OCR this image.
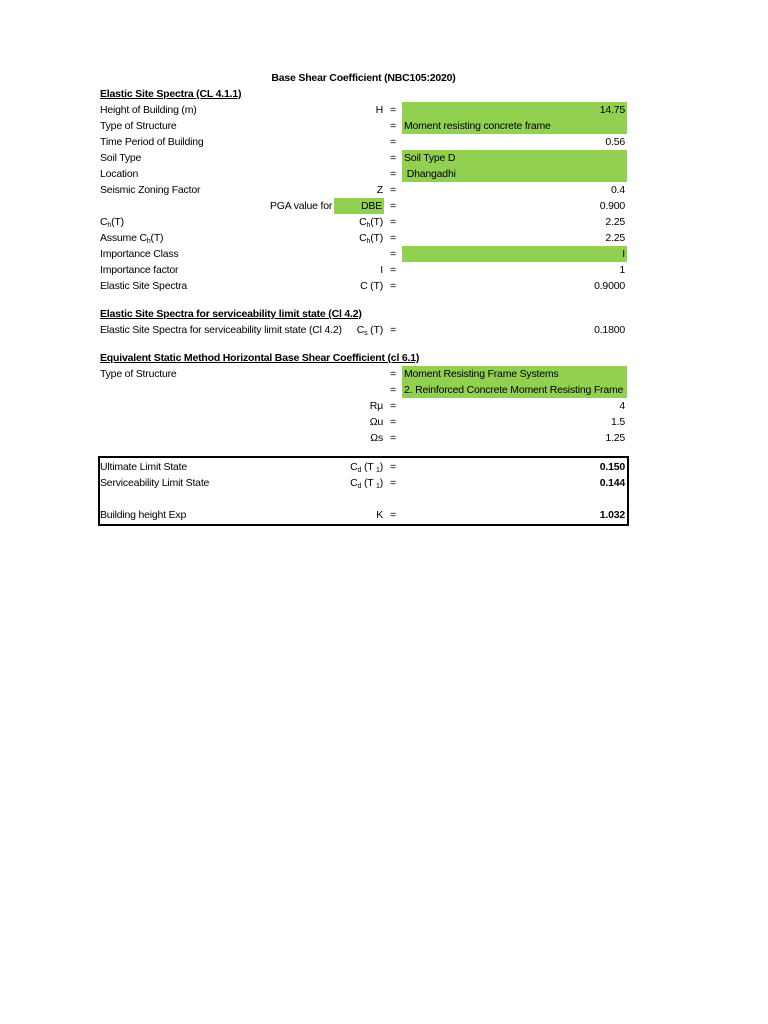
Base Shear Coefficient (NBC105:2020)
Elastic Site Spectra (CL 4.1.1)
Height of Building (m)	H =	14.75
Type of Structure	= Moment resisting concrete frame
Time Period of Building	=	0.56
Soil Type	= Soil Type D
Location	= Dhangadhi
Seismic Zoning Factor	Z =	0.4
PGA value for	DBE =	0.900
$C_h(T)$	$C_h(T)$ =	2.25
Assume $C_h(T)$	$C_h(T)$ =	2.25
Importance Class	=	I
Importance factor	I =	1
Elastic Site Spectra	C (T) =	0.9000
Elastic Site Spectra for serviceability limit state (Cl 4.2)
Elastic Site Spectra for serviceability limit state (Cl 4.2) $C_s$ (T) =	0.1800
Equivalent Static Method Horizontal Base Shear Coefficient (cl 6.1)
Type of Structure	= Moment Resisting Frame Systems
= 2. Reinforced Concrete Moment Resisting Frame
Rμ =	4
Ωu =	1.5
Ωs =	1.25
Ultimate Limit State	$C_d$ (T $_1$) =	0.150
Serviceability Limit State	$C_d$ (T $_1$) =	0.144
Building height Exp	K =	1.032
